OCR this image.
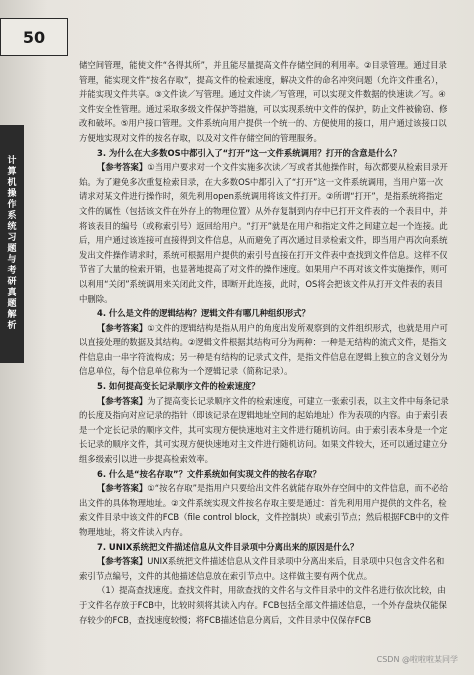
50
计算机操作系统习题与考研真题解析

储空间管理，能使文件“各得其所”，并且能尽量提高文件存储空间的利用率。②目录管理。通过目录管理，能实现文件“按名存取”，提高文件的检索速度，解决文件的命名冲突问题（允许文件重名），并能实现文件共享。③文件读／写管理。通过文件读／写管理，可以实现文件数据的快速读／写。④文件安全性管理。通过采取多级文件保护等措施，可以实现系统中文件的保护，防止文件被偷窃、修改和破坏。⑤用户接口管理。文件系统向用户提供一个统一的、方便使用的接口，用户通过该接口以方便地实现对文件的按名存取，以及对文件存储空间的管理服务。

3. 为什么在大多数OS中都引入了“打开”这一文件系统调用？打开的含意是什么？

【参考答案】①当用户要求对一个文件实施多次读／写或者其他操作时，每次都要从检索目录开始。为了避免多次重复检索目录，在大多数OS中都引入了“打开”这一文件系统调用，当用户第一次请求对某文件进行操作时，须先利用open系统调用将该文件打开。②所谓“打开”，是指系统将指定文件的属性（包括该文件在外存上的物理位置）从外存复制到内存中已打开文件表的一个表目中，并将该表目的编号（或称索引号）返回给用户。“打开”就是在用户和指定文件之间建立起一个连接。此后，用户通过该连接可直接得到文件信息，从而避免了再次通过目录检索文件，即当用户再次向系统发出文件操作请求时，系统可根据用户提供的索引号直接在打开文件表中查找到文件信息。这样不仅节省了大量的检索开销，也显著地提高了对文件的操作速度。如果用户不再对该文件实施操作，则可以利用“关闭”系统调用来关闭此文件，即断开此连接，此时，OS将会把该文件从打开文件表的表目中删除。

4. 什么是文件的逻辑结构？逻辑文件有哪几种组织形式？

【参考答案】①文件的逻辑结构是指从用户的角度出发所观察到的文件组织形式，也就是用户可以直接处理的数据及其结构。②逻辑文件根据其结构可分为两种：一种是无结构的流式文件，是指文件信息由一串字符流构成；另一种是有结构的记录式文件，是指文件信息在逻辑上独立的含义划分为信息单位，每个信息单位称为一个逻辑记录（简称记录）。

5. 如何提高变长记录顺序文件的检索速度？

【参考答案】为了提高变长记录顺序文件的检索速度，可建立一张索引表，以主文件中每条记录的长度及指向对应记录的指针（即该记录在逻辑地址空间的起始地址）作为表项的内容。由于索引表是一个定长记录的顺序文件，其可实现方便快速地对主文件进行随机访问。由于索引表本身是一个定长记录的顺序文件，其可实现方便快速地对主文件进行随机访问。如果文件较大，还可以通过建立分组多级索引以进一步提高检索效率。

6. 什么是“按名存取”？文件系统如何实现文件的按名存取？

【参考答案】①“按名存取”是指用户只要给出文件名就能存取外存空间中的文件信息，而不必给出文件的具体物理地址。②文件系统实现文件按名存取主要是通过：首先利用用户提供的文件名，检索文件目录中该文件的FCB（file control block，文件控制块）或索引节点；然后根据FCB中的文件物理地址，将文件读入内存。

7. UNIX系统把文件描述信息从文件目录项中分离出来的原因是什么？

【参考答案】UNIX系统把文件描述信息从文件目录项中分离出来后，目录项中只包含文件名和索引节点编号，文件的其他描述信息放在索引节点中。这样做主要有两个优点。

（1）提高查找速度。查找文件时，用欲查找的文件名与文件目录中的文件名进行依次比较，由于文件名存放于FCB中，比较时须将其读入内存。FCB包括全部文件描述信息，一个外存盘块仅能保存较少的FCB，查找速度较慢；将FCB描述信息分离后，文件目录中仅保存FCB

CSDN @啦啦啦某同学
